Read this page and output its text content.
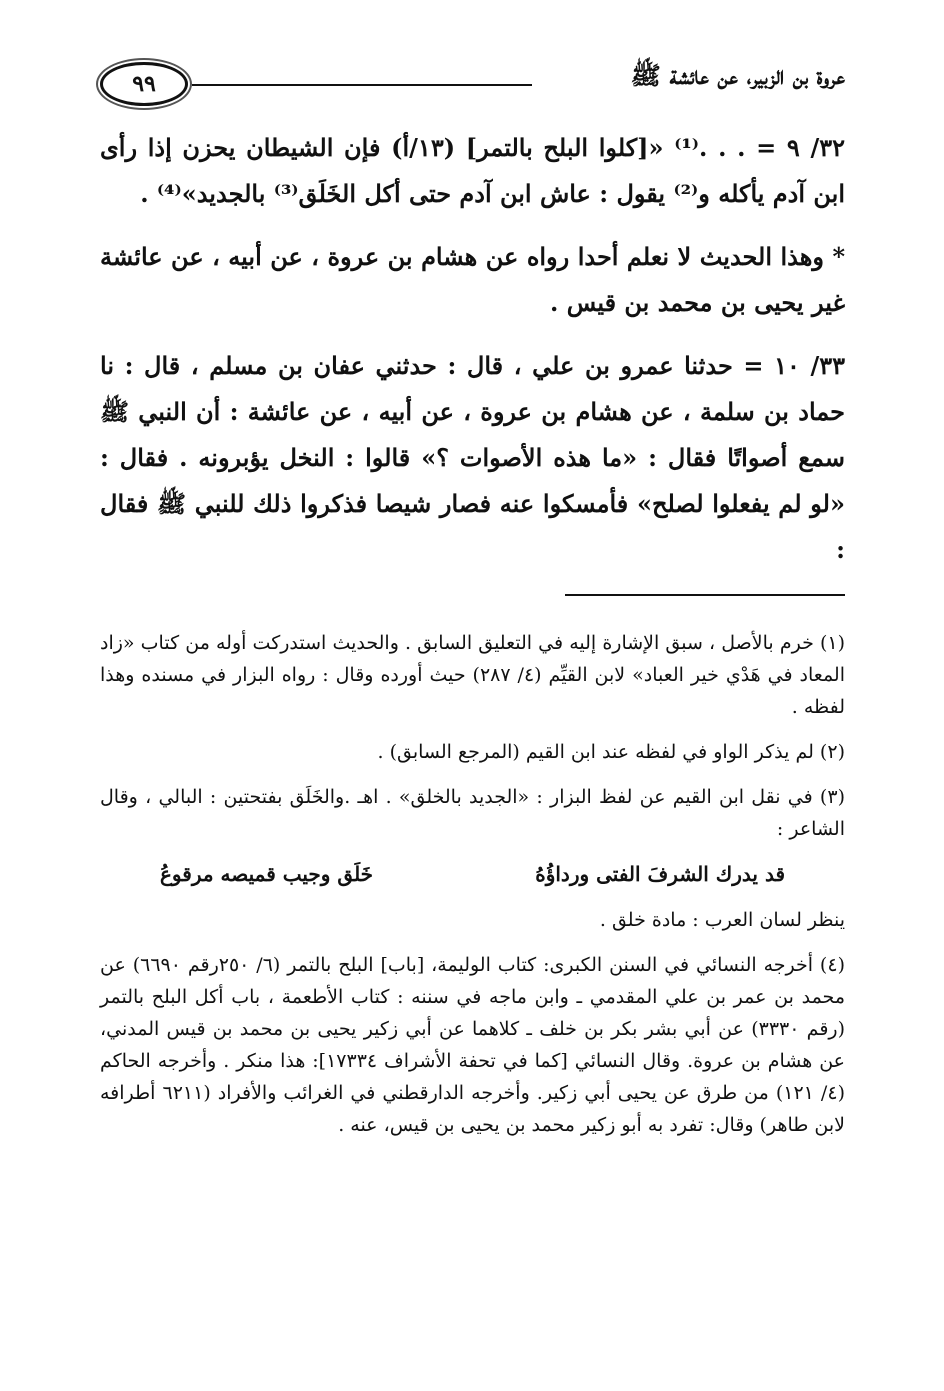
عروة بن الزبير، عن عائشة ﷺ
٩٩

٣٢/ ٩ = . . .⁽¹⁾ «[كلوا البلح بالتمر] (١٣/أ) فإن الشيطان يحزن إذا رأى ابن آدم يأكله و⁽²⁾ يقول : عاش ابن آدم حتى أكل الخَلَق⁽³⁾ بالجديد»⁽⁴⁾ .

* وهذا الحديث لا نعلم أحدا رواه عن هشام بن عروة ، عن أبيه ، عن عائشة غير يحيى بن محمد بن قيس .

٣٣/ ١٠ = حدثنا عمرو بن علي ، قال : حدثني عفان بن مسلم ، قال : نا حماد بن سلمة ، عن هشام بن عروة ، عن أبيه ، عن عائشة : أن النبي ﷺ سمع أصواتًا فقال : «ما هذه الأصوات ؟» قالوا : النخل يؤبرونه . فقال : «لو لم يفعلوا لصلح» فأمسكوا عنه فصار شيصا فذكروا ذلك للنبي ﷺ فقال :

(١) خرم بالأصل ، سبق الإشارة إليه في التعليق السابق . والحديث استدركت أوله من كتاب «زاد المعاد في هَدْي خير العباد» لابن القيِّم (٤/ ٢٨٧) حيث أورده وقال : رواه البزار في مسنده وهذا لفظه .
(٢) لم يذكر الواو في لفظه عند ابن القيم (المرجع السابق) .
(٣) في نقل ابن القيم عن لفظ البزار : «الجديد بالخلق» . اهـ .والخَلَق بفتحتين : البالي ، وقال الشاعر :
قد يدرك الشرفَ الفتى ورداؤُهُ
خَلَق وجيب قميصه مرقوعُ
ينظر لسان العرب : مادة خلق .
(٤) أخرجه النسائي في السنن الكبرى: كتاب الوليمة، [باب] البلح بالتمر (٦/ ٢٥٠رقم ٦٦٩٠) عن محمد بن عمر بن علي المقدمي ـ وابن ماجه في سننه : كتاب الأطعمة ، باب أكل البلح بالتمر (رقم ٣٣٣٠) عن أبي بشر بكر بن خلف ـ كلاهما عن أبي زكير يحيى بن محمد بن قيس المدني، عن هشام بن عروة. وقال النسائي [كما في تحفة الأشراف ١٧٣٣٤]: هذا منكر . وأخرجه الحاكم (٤/ ١٢١) من طرق عن يحيى أبي زكير. وأخرجه الدارقطني في الغرائب والأفراد (٦٢١١ أطرافه لابن طاهر) وقال: تفرد به أبو زكير محمد بن يحيى بن قيس، عنه .
